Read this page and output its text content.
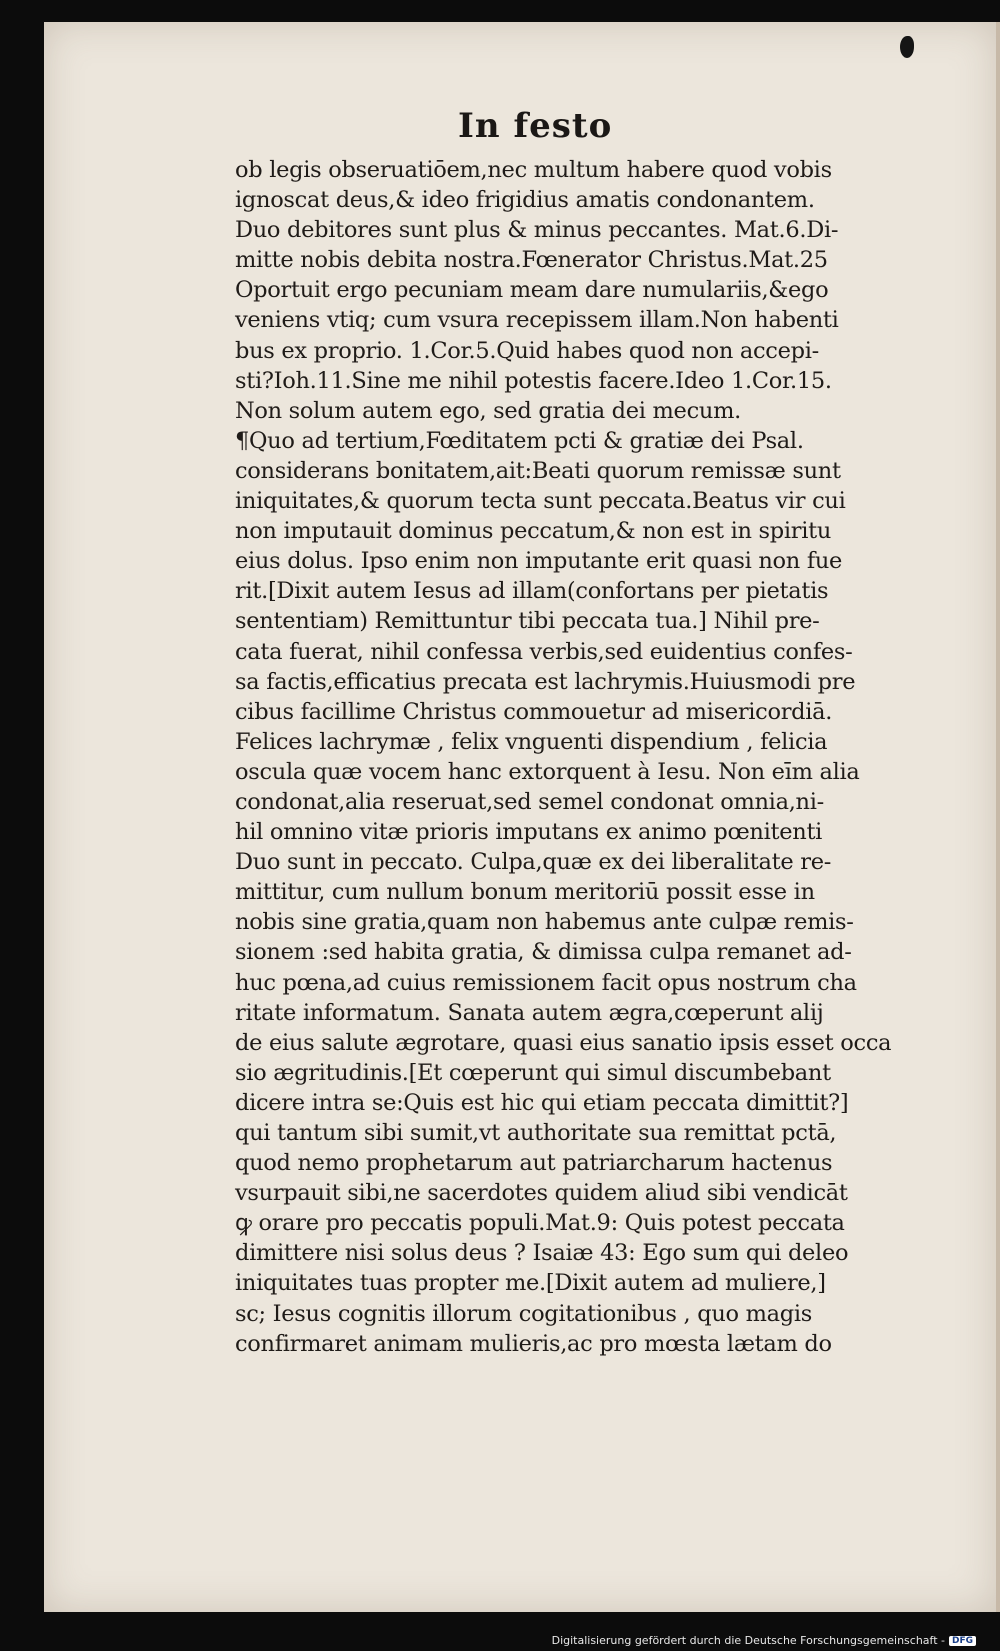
In festo
ob legis obseruatiōem,nec multum habere quod vobis
ignoscat deus,& ideo frigidius amatis condonantem.
Duo debitores sunt plus & minus peccantes. Mat.6.Di-
mitte nobis debita nostra.Fœnerator Christus.Mat.25
Oportuit ergo pecuniam meam dare numulariis,&ego
veniens vtiq; cum vsura recepissem illam.Non habenti
bus ex proprio. 1.Cor.5.Quid habes quod non accepi-
sti?Ioh.11.Sine me nihil potestis facere.Ideo 1.Cor.15.
Non solum autem ego, sed gratia dei mecum.
¶Quo ad tertium,Fœditatem pcti & gratiæ dei Psal.
considerans bonitatem,ait:Beati quorum remissæ sunt
iniquitates,& quorum tecta sunt peccata.Beatus vir cui
non imputauit dominus peccatum,& non est in spiritu
eius dolus. Ipso enim non imputante erit quasi non fue
rit.[Dixit autem Iesus ad illam(confortans per pietatis
sententiam) Remittuntur tibi peccata tua.] Nihil pre-
cata fuerat, nihil confessa verbis,sed euidentius confes-
sa factis,efficatius precata est lachrymis.Huiusmodi pre
cibus facillime Christus commouetur ad misericordiā.
Felices lachrymæ , felix vnguenti dispendium , felicia
oscula quæ vocem hanc extorquent à Iesu. Non eīm alia
condonat,alia reseruat,sed semel condonat omnia,ni-
hil omnino vitæ prioris imputans ex animo pœnitenti
Duo sunt in peccato. Culpa,quæ ex dei liberalitate re-
mittitur, cum nullum bonum meritoriū possit esse in
nobis sine gratia,quam non habemus ante culpæ remis-
sionem :sed habita gratia, & dimissa culpa remanet ad-
huc pœna,ad cuius remissionem facit opus nostrum cha
ritate informatum. Sanata autem ægra,cœperunt alij
de eius salute ægrotare, quasi eius sanatio ipsis esset occa
sio ægritudinis.[Et cœperunt qui simul discumbebant
dicere intra se:Quis est hic qui etiam peccata dimittit?]
qui tantum sibi sumit,vt authoritate sua remittat pctā,
quod nemo prophetarum aut patriarcharum hactenus
vsurpauit sibi,ne sacerdotes quidem aliud sibi vendicāt
ꝙ orare pro peccatis populi.Mat.9: Quis potest peccata
dimittere nisi solus deus ? Isaiæ 43: Ego sum qui deleo
iniquitates tuas propter me.[Dixit autem ad muliere,]
sc; Iesus cognitis illorum cogitationibus , quo magis
confirmaret animam mulieris,ac pro mœsta lætam do
Digitalisierung gefördert durch die Deutsche Forschungsgemeinschaft - DFG
